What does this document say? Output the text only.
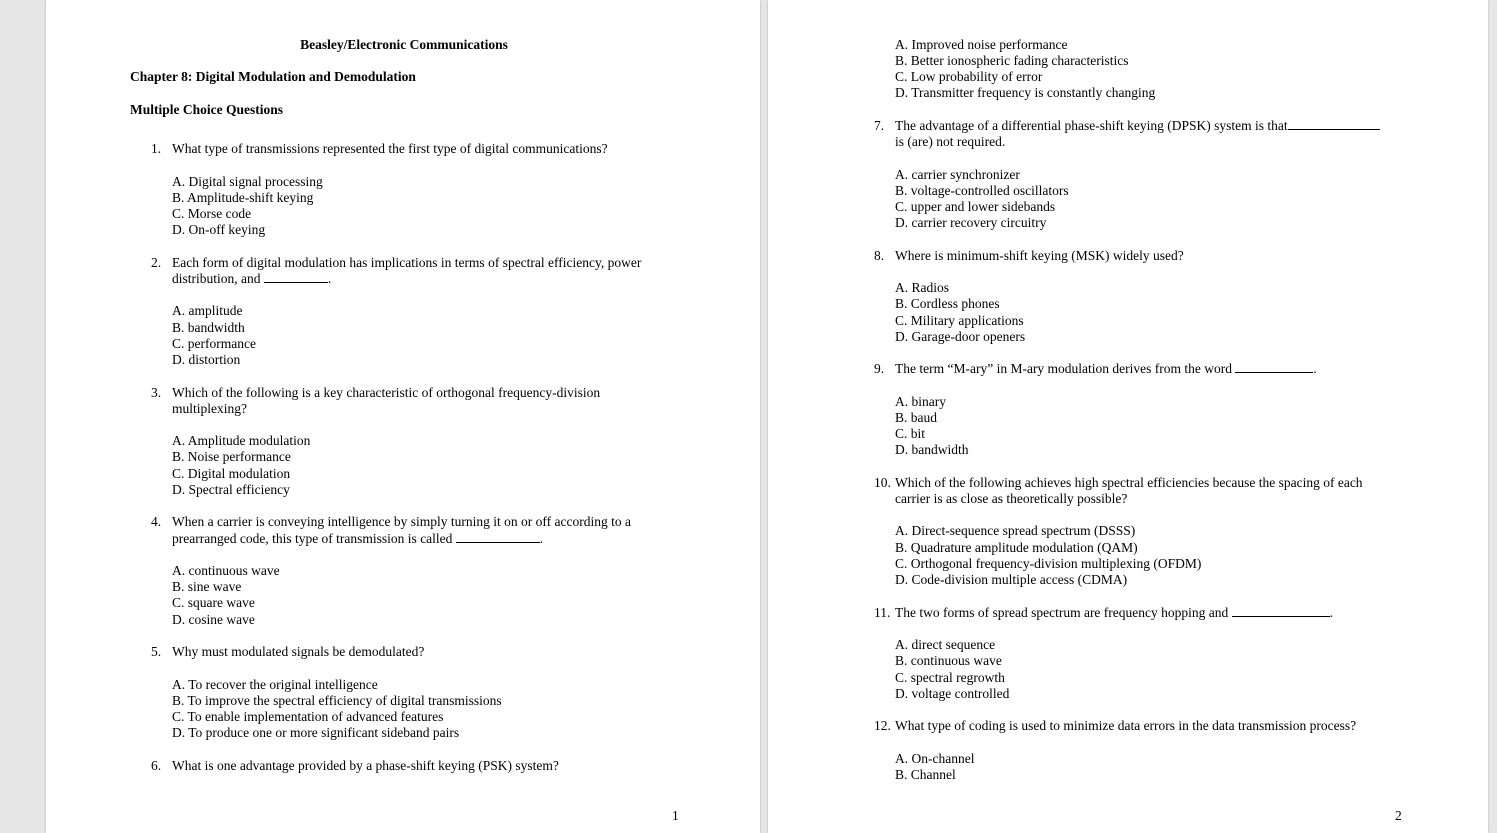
Beasley/Electronic Communications

Chapter 8: Digital Modulation and Demodulation

Multiple Choice Questions

1. What type of transmissions represented the first type of digital communications?
A. Digital signal processing
B. Amplitude-shift keying
C. Morse code
D. On-off keying
2. Each form of digital modulation has implications in terms of spectral efficiency, power
distribution, and	.
A. amplitude
B. bandwidth
C. performance
D. distortion
3. Which of the following is a key characteristic of orthogonal frequency-division
multiplexing?
A. Amplitude modulation
B. Noise performance
C. Digital modulation
D. Spectral efficiency
4. When a carrier is conveying intelligence by simply turning it on or off according to a
prearranged code, this type of transmission is called	.
A. continuous wave
B. sine wave
C. square wave
D. cosine wave
5. Why must modulated signals be demodulated?
A. To recover the original intelligence
B. To improve the spectral efficiency of digital transmissions
C. To enable implementation of advanced features
D. To produce one or more significant sideband pairs
6. What is one advantage provided by a phase-shift keying (PSK) system?
1
A. Improved noise performance
B. Better ionospheric fading characteristics
C. Low probability of error
D. Transmitter frequency is constantly changing
7. The advantage of a differential phase-shift keying (DPSK) system is that
is (are) not required.
A. carrier synchronizer
B. voltage-controlled oscillators
C. upper and lower sidebands
D. carrier recovery circuitry
8. Where is minimum-shift keying (MSK) widely used?
A. Radios
B. Cordless phones
C. Military applications
D. Garage-door openers
9. The term “M-ary” in M-ary modulation derives from the word	.
A. binary
B. baud
C. bit
D. bandwidth
10. Which of the following achieves high spectral efficiencies because the spacing of each
carrier is as close as theoretically possible?
A. Direct-sequence spread spectrum (DSSS)
B. Quadrature amplitude modulation (QAM)
C. Orthogonal frequency-division multiplexing (OFDM)
D. Code-division multiple access (CDMA)
11. The two forms of spread spectrum are frequency hopping and	.
A. direct sequence
B. continuous wave
C. spectral regrowth
D. voltage controlled
12. What type of coding is used to minimize data errors in the data transmission process?
A. On-channel
B. Channel
2
